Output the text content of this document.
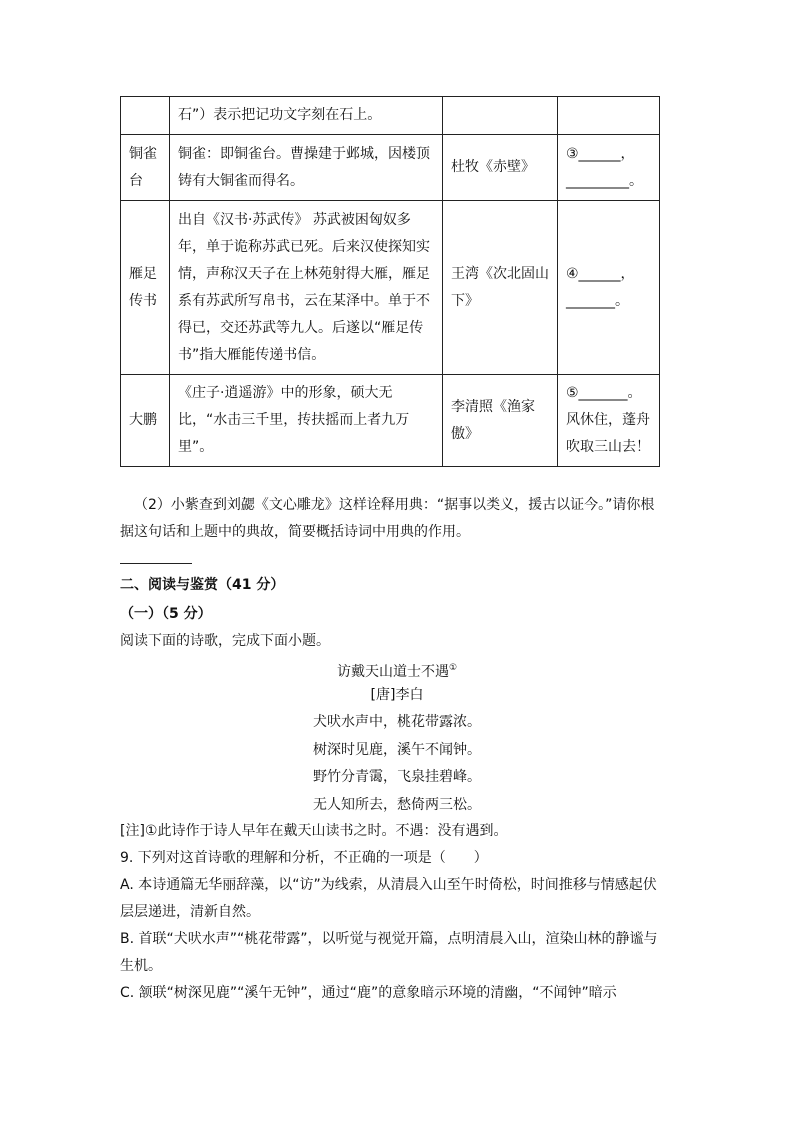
	石”）表示把记功文字刻在石上。		
铜雀台	铜雀：即铜雀台。曹操建于邺城，因楼顶铸有大铜雀而得名。	杜牧《赤壁》	③______，
_________。

雁足传书	出自《汉书·苏武传》 苏武被困匈奴多年，单于诡称苏武已死。后来汉使探知实情，声称汉天子在上林苑射得大雁，雁足系有苏武所写帛书，云在某泽中。单于不得已，交还苏武等九人。后遂以“雁足传书”指大雁能传递书信。	王湾《次北固山下》	④______，
_______。

大鹏	《庄子·逍遥游》中的形象，硕大无比，“水击三千里，抟扶摇而上者九万里”。	李清照《渔家傲》	⑤_______。
风休住，蓬舟吹取三山去！
（2）小紫查到刘勰《文心雕龙》这样诠释用典：“据事以类义，援古以证今。”请你根据这句话和上题中的典故，简要概括诗词中用典的作用。
二、阅读与鉴赏（41 分）
（一）（5 分）
阅读下面的诗歌，完成下面小题。
访戴天山道士不遇①
[唐]李白
犬吠水声中，桃花带露浓。
树深时见鹿，溪午不闻钟。
野竹分青霭，飞泉挂碧峰。
无人知所去，愁倚两三松。
[注]①此诗作于诗人早年在戴天山读书之时。不遇：没有遇到。
9. 下列对这首诗歌的理解和分析，不正确的一项是（　　）
A. 本诗通篇无华丽辞藻，以“访”为线索，从清晨入山至午时倚松，时间推移与情感起伏层层递进，清新自然。
B. 首联“犬吠水声”“桃花带露”，以听觉与视觉开篇，点明清晨入山，渲染山林的静谧与生机。
C. 颔联“树深见鹿”“溪午无钟”，通过“鹿”的意象暗示环境的清幽，“不闻钟”暗示
